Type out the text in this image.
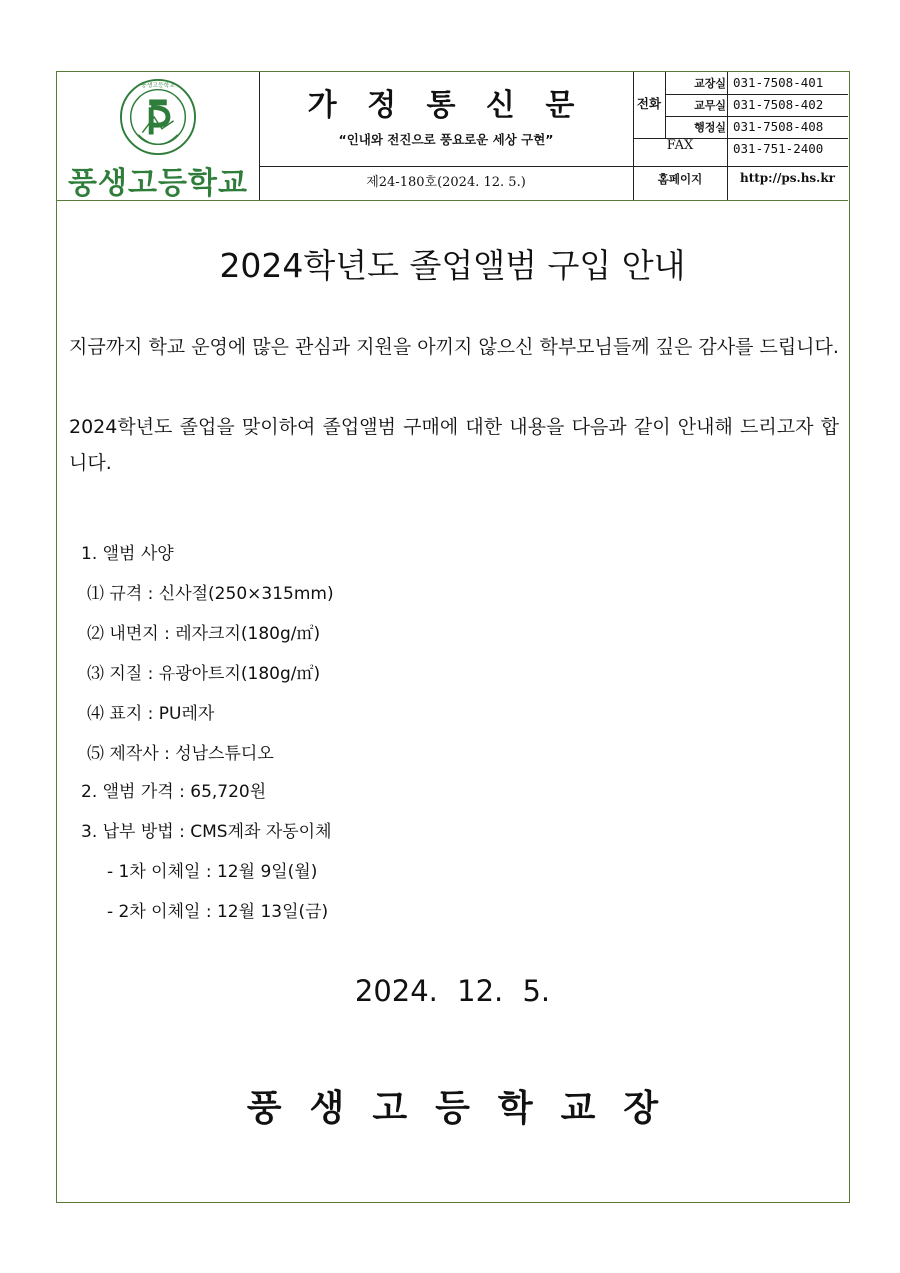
풍생고등학교
풍생고등학교
가 정 통 신 문
“인내와 전진으로 풍요로운 세상 구현”
제24-180호(2024. 12. 5.)
전화
교장실 031-7508-401
교무실 031-7508-402
행정실 031-7508-408
FAX	031-751-2400
홈페이지	http://ps.hs.kr
2024학년도 졸업앨범 구입 안내
지금까지 학교 운영에 많은 관심과 지원을 아끼지 않으신 학부모님들께 깊은 감사를 드립니다.
2024학년도 졸업을 맞이하여 졸업앨범 구매에 대한 내용을 다음과 같이 안내해 드리고자 합니다.
1. 앨범 사양
⑴ 규격 : 신사절(250×315mm)
⑵ 내면지 : 레자크지(180g/㎡)
⑶ 지질 : 유광아트지(180g/㎡)
⑷ 표지 : PU레자
⑸ 제작사 : 성남스튜디오
2. 앨범 가격 : 65,720원
3. 납부 방법 : CMS계좌 자동이체
- 1차 이체일 : 12월 9일(월)
- 2차 이체일 : 12월 13일(금)
2024. 12. 5.
풍생고등학교장
